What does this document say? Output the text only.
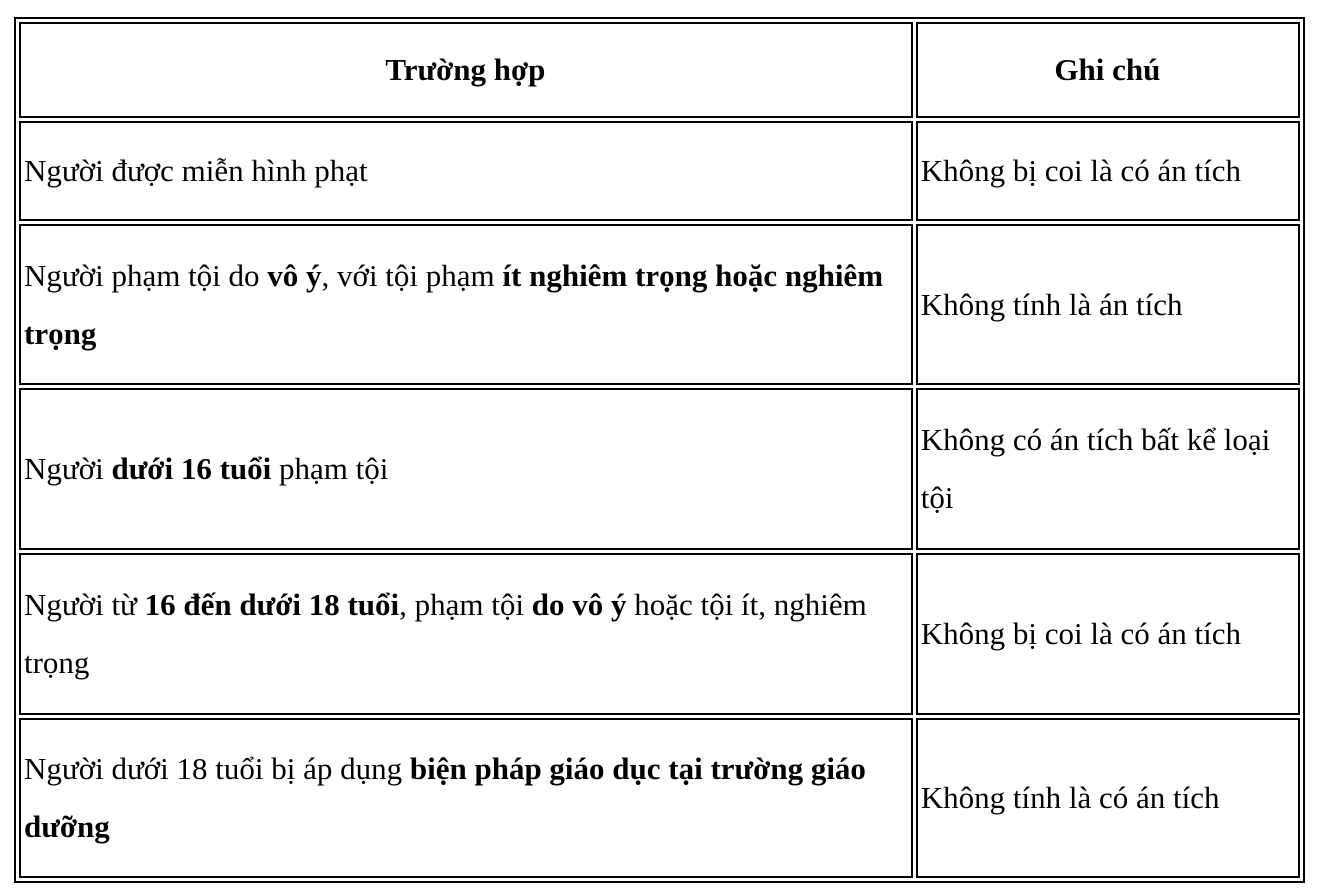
Trường hợp	Ghi chú
Người được miễn hình phạt	Không bị coi là có án tích
Người phạm tội do vô ý, với tội phạm ít nghiêm trọng hoặc nghiêm trọng	Không tính là án tích
Người dưới 16 tuổi phạm tội	Không có án tích bất kể loại tội
Người từ 16 đến dưới 18 tuổi, phạm tội do vô ý hoặc tội ít, nghiêm trọng	Không bị coi là có án tích
Người dưới 18 tuổi bị áp dụng biện pháp giáo dục tại trường giáo dưỡng	Không tính là có án tích
